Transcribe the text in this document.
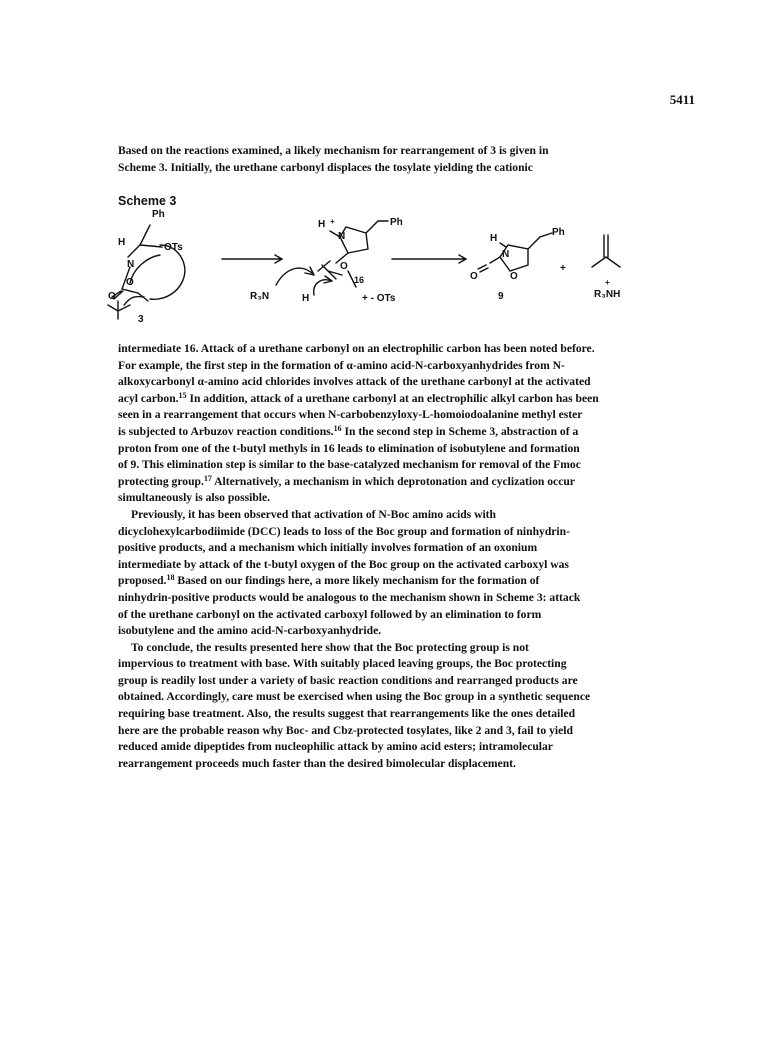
5411
Based on the reactions examined, a likely mechanism for rearrangement of 3 is given in
Scheme 3. Initially, the urethane carbonyl displaces the tosylate yielding the cationic
Scheme 3
Ph
H
N
OTs
O
O
3
H +
N
Ph
O
16
R₃N	H	+ - OTs
H
N
Ph
O
O
9
+
+
R₃NH
intermediate 16. Attack of a urethane carbonyl on an electrophilic carbon has been noted before.
For example, the first step in the formation of α-amino acid-N-carboxyanhydrides from N-
alkoxycarbonyl α-amino acid chlorides involves attack of the urethane carbonyl at the activated
acyl carbon.$^{15}$ In addition, attack of a urethane carbonyl at an electrophilic alkyl carbon has been
seen in a rearrangement that occurs when N-carbobenzyloxy-L-homoiodoalanine methyl ester
is subjected to Arbuzov reaction conditions.$^{16}$ In the second step in Scheme 3, abstraction of a
proton from one of the t-butyl methyls in 16 leads to elimination of isobutylene and formation
of 9. This elimination step is similar to the base-catalyzed mechanism for removal of the Fmoc
protecting group.$^{17}$ Alternatively, a mechanism in which deprotonation and cyclization occur
simultaneously is also possible.
Previously, it has been observed that activation of N-Boc amino acids with
dicyclohexylcarbodiimide (DCC) leads to loss of the Boc group and formation of ninhydrin-
positive products, and a mechanism which initially involves formation of an oxonium
intermediate by attack of the t-butyl oxygen of the Boc group on the activated carboxyl was
proposed.$^{18}$ Based on our findings here, a more likely mechanism for the formation of
ninhydrin-positive products would be analogous to the mechanism shown in Scheme 3: attack
of the urethane carbonyl on the activated carboxyl followed by an elimination to form
isobutylene and the amino acid-N-carboxyanhydride.
To conclude, the results presented here show that the Boc protecting group is not
impervious to treatment with base. With suitably placed leaving groups, the Boc protecting
group is readily lost under a variety of basic reaction conditions and rearranged products are
obtained. Accordingly, care must be exercised when using the Boc group in a synthetic sequence
requiring base treatment. Also, the results suggest that rearrangements like the ones detailed
here are the probable reason why Boc- and Cbz-protected tosylates, like 2 and 3, fail to yield
reduced amide dipeptides from nucleophilic attack by amino acid esters; intramolecular
rearrangement proceeds much faster than the desired bimolecular displacement.
